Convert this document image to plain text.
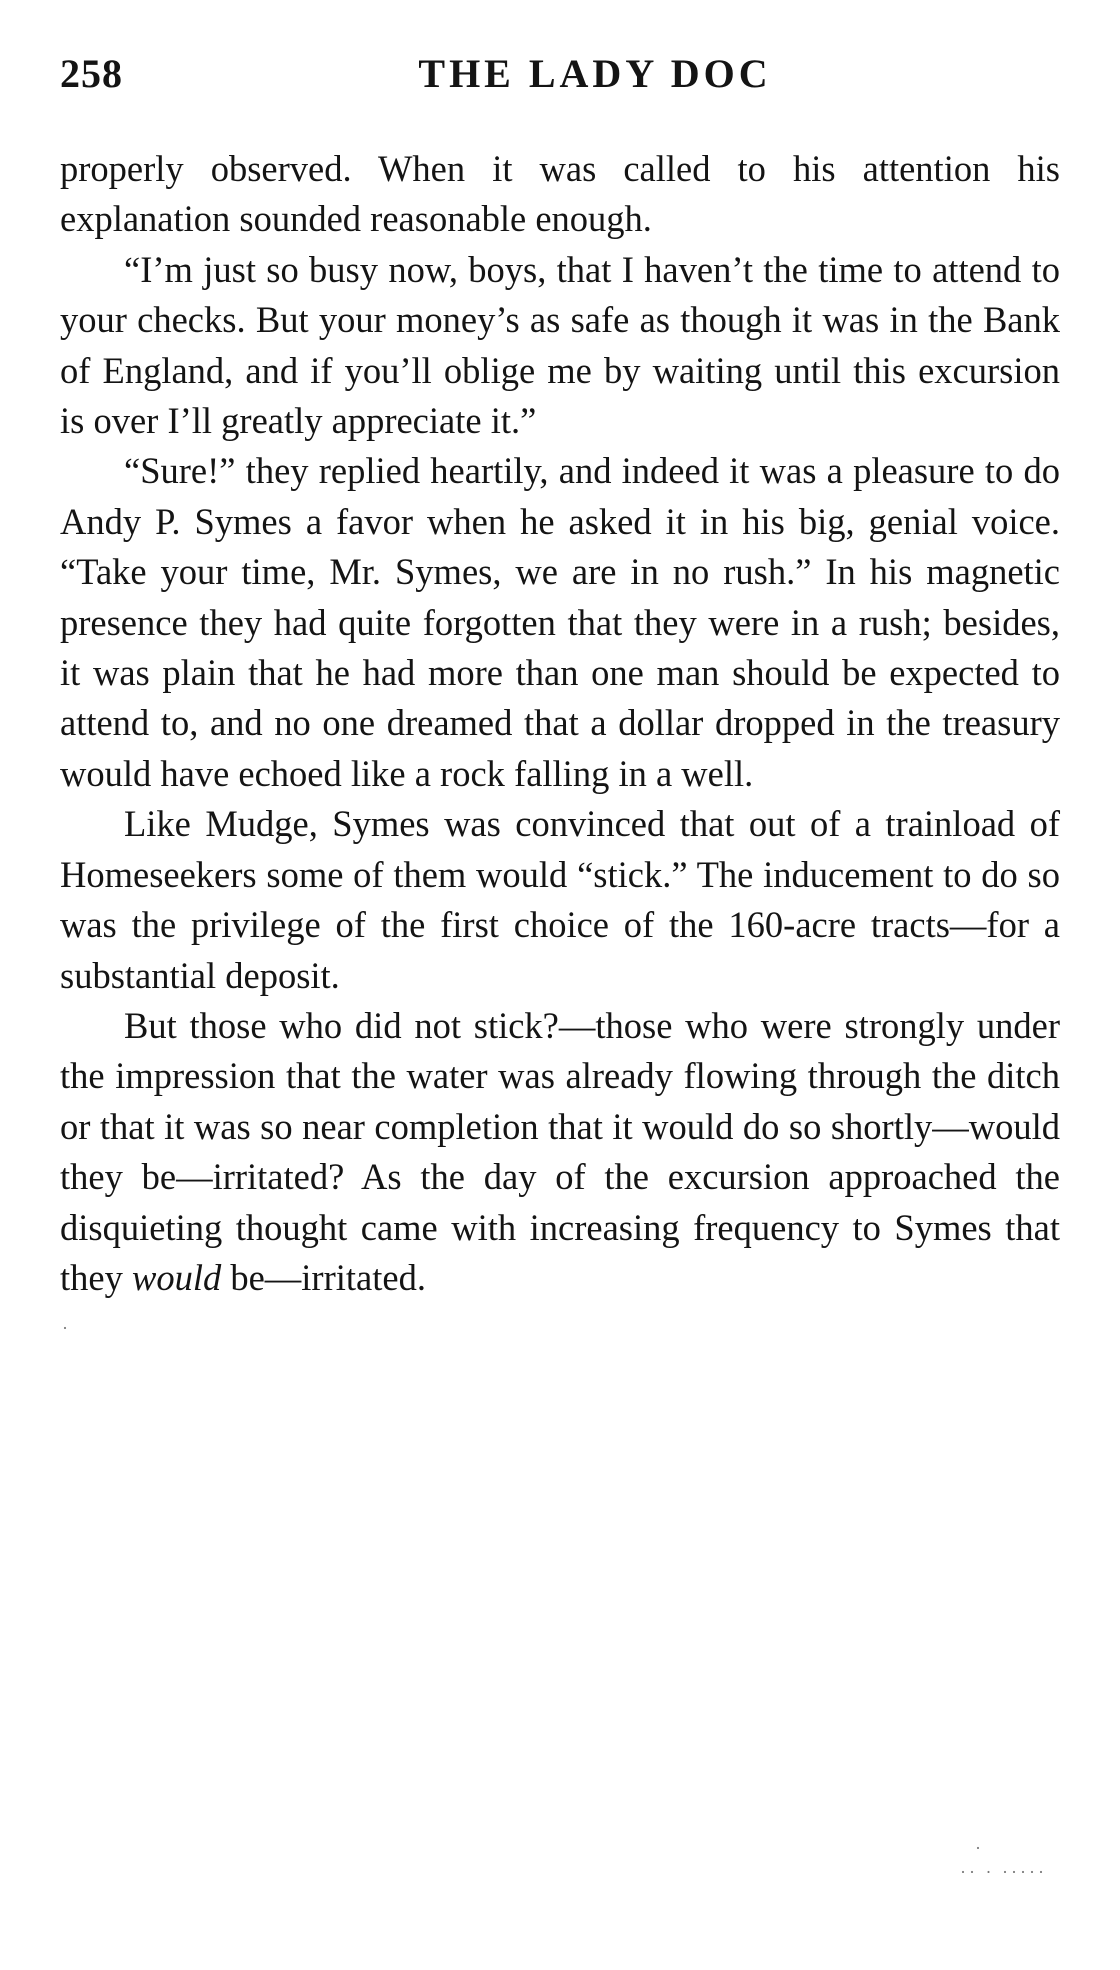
258	THE LADY DOC

properly observed. When it was called to his attention his explanation sounded reasonable enough.

“I’m just so busy now, boys, that I haven’t the time to attend to your checks. But your money’s as safe as though it was in the Bank of England, and if you’ll oblige me by waiting until this excursion is over I’ll greatly appreciate it.”

“Sure!” they replied heartily, and indeed it was a pleasure to do Andy P. Symes a favor when he asked it in his big, genial voice. “Take your time, Mr. Symes, we are in no rush.” In his magnetic presence they had quite forgotten that they were in a rush; besides, it was plain that he had more than one man should be expected to attend to, and no one dreamed that a dollar dropped in the treasury would have echoed like a rock falling in a well.

Like Mudge, Symes was convinced that out of a trainload of Homeseekers some of them would “stick.” The inducement to do so was the privilege of the first choice of the 160-acre tracts—for a substantial deposit.

But those who did not stick?—those who were strongly under the impression that the water was already flowing through the ditch or that it was so near completion that it would do so shortly—would they be—irritated? As the day of the excursion approached the disquieting thought came with increasing frequency to Symes that they would be—irritated.

·
·
·· · ·····
